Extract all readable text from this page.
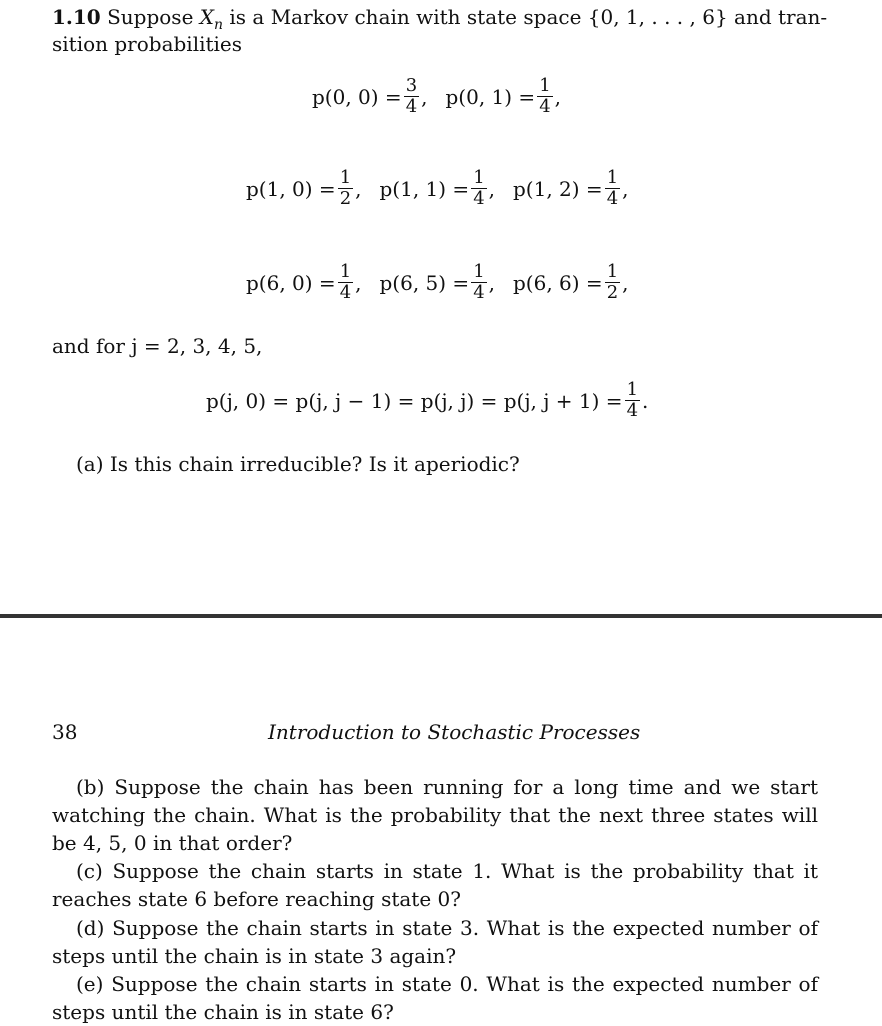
1.10 Suppose $X_n$ is a Markov chain with state space {0, 1, . . . , 6} and tran-
sition probabilities
p(0, $0) = \frac{3}{4}$ , p(0, $1) = \frac{1}{4}$ ,
p(1, $0) = \frac{1}{2}$ , p(1, $1) = \frac{1}{4}$ , p(1, $2) = \frac{1}{4}$ ,
p(6, $0) = \frac{1}{4}$ , p(6, $5) = \frac{1}{4}$ , p(6, $6) = \frac{1}{2}$ ,
and for j = 2, 3, 4, 5,
p(j, 0) = p(j, j − 1) = p(j, j) = p(j, $j + 1) = \frac{1}{4}$ .
(a) Is this chain irreducible? Is it aperiodic?
38	Introduction to Stochastic Processes
(b) Suppose the chain has been running for a long time and we start watching the chain. What is the probability that the next three states will be 4, 5, 0 in that order?
(c) Suppose the chain starts in state 1. What is the probability that it reaches state 6 before reaching state 0?
(d) Suppose the chain starts in state 3. What is the expected number of steps until the chain is in state 3 again?
(e) Suppose the chain starts in state 0. What is the expected number of steps until the chain is in state 6?
